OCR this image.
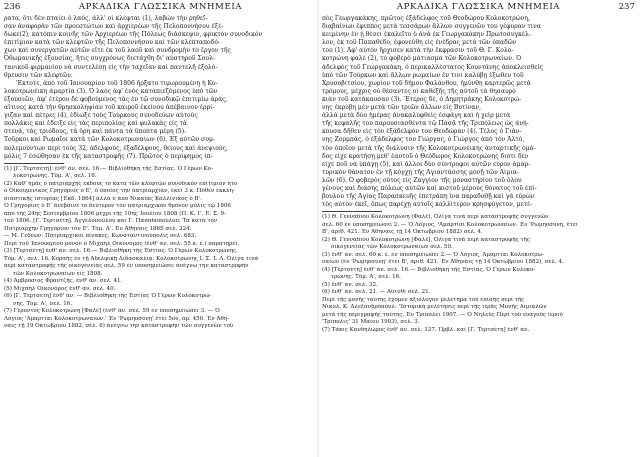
236	ΑΡΚΑΔΙΚΑ ΓΛΩΣΣΙΚΑ ΜΝΗΜΕΙΑ
ρατα, ὅτι δὲν πταίει ὁ λαός, ἀλλ' οἱ κλέφται (1), λαβὼν τὴν ρηθεῖ-
σαν ἀναφορὰν τῶν προεστώτων καὶ ἀρχιερέων τῆς Πελοποννήσου ἐξέ-
δωκε(2), κατόπιν κοινῆς τῶν Ἀρχιερέων τῆς Πόλεως διάσκεψιν, φρικτὸν συνοδικὸν
ἐπιτίμιον κατὰ τῶν κλεφτῶν τῆς Πελοποννήσου καὶ τῶν κλεπταποδό-
χων καὶ συνεργατῶν αὐτῶν εἴτε ἐκ τοῦ λαοῦ καὶ συνδρομὴν τὸ ἔργον τῆς
Ὀθωμανικῆς ἐξουσίας, ἥτις συγχρόνως διετάχθη δι' αὐστηροῦ Σουλ-
τανικοῦ φιρμανίου νὰ συντελέσῃ εἰς τὴν ταχεῖαν καὶ παντελῆ ἐξολό-
θρευσιν τῶν κλεφτῶν.
Ἔκτοτε, ἀπὸ τοῦ Ἰανουαρίου τοῦ 1806 ἤρξατο τιμωρουμένη ἡ Κο-
λοκοτρωνέικη ἁμαρτία (3). Ὁ λαὸς ἀφ' ἑνὸς καταπιεζόμενος ὑπὸ τῶν
ἐξουσιῶν, ἀφ' ἑτέρου δὲ φοβούμενος τὰς ἐν τῷ συνοδικῷ ἐπιτιμίῳ ἀράς,
αἵτινες κατὰ τὴν θρησκοληψίαν τοῦ καιροῦ ἐκείνου ἀπέβαινον ἐρρί-
γιζαν καὶ πέτρες (4), ἐδίωξε τοὺς Τούρκους συνοδεύων αὐτοὺς
πολλάκις καὶ ἔδειξε εἰς τὰς περιπολίας καὶ φυλακὰς εἰς τὰ
στενά, τὰς τριόδους, τὰ ὄρη καὶ πάντα τὰ ὕποπτα μέρη (5).
Τοῦρκοι καὶ Ρωμαῖοι κατὰ τῶν Κολοκοτρωναίων (6). Ἐξ αὐτῶν συμ-
πολεμούντων περὶ τοὺς 32, ἀδελφούς, ἐξαδέλφους, θείους καὶ ἀνεψιούς,
μόλις 7 ἐσώθησαν ἐκ τῆς καταστροφῆς (7). Πρῶτος ὁ περίφημος ἰπ-
(1) [Γ. Τερτσέτη]: ἔνθ' ἀν. σελ. 16.— Βιβλιοθήκη τῆς Ἑστίας. Ὁ Γέρων Κο-
λοκοτρώνης. Τόμ. Α', σελ. 16.
(2) Καθ' ἡμᾶς ὁ πατριάρχης ἐκδοὺς τὸ κατὰ τῶν κλεφτῶν συνοδικὸν ἐπιτίμιον ἦτο
ὁ Οἰκουμενικὸς Γρηγόριος ὁ Ε', ὁ ὁποῖος τὴν πατριαρχίαν, ἐκεῖ 3 κ. Πόθεν ἐκκλη-
σιαστικῆς ἱστορίας [Ἐκδ. 1864] ἀλλὰ ὁ ἀπὸ Νικαίας Καλλίνικος ὁ Β'.
Ὁ Γρηγόριος ὁ Ε' ἀνέβαινε τὸ δεύτερον τὸν πατριαρχικὸν θρόνον μόλις τῷ 1806
ἀπὸ τῆς 24ης Σεπτεμβρίου 1806 μέχρι τῆς 10ης Ἰουλίου 1808 (Π. Κ. Γ. Ἐ. Σ. 9-
τοῦ 1806. [Γ. Τερτσέτη]. Ἀγγελοπούλου καὶ Γ. Παπαδοπούλου: Τὰ κατὰ τὸν
Πατριάρχην Γρηγόριον τὸν Ε'. Τόμ. Α'. Ἐν Ἀθήναις 1865 σελ. 224.
— Μ. Γεδεὼν: Πατριαρχικοὶ πίνακες. Κωνσταντινούπολις σελ. 683.
Περὶ τοῦ Ἰανουαρίου μόνον ὁ Μιχαὴλ Οἰκονόμος (ἔνθ' ἀν. σελ. 55 κ. ἑ.) παρατηρεῖ.
(3) [Τερτσέτη] ἔνθ' ἀν. σελ. 16.— Βιβλιοθήκη τῆς Ἑστίας. Ὁ Γέρων Κολοκοτρώνης.
Τόμ. Α', σελ. 16. Κοραῆς ἐν τῇ Ἀδελφικῇ Διδασκαλίᾳ: Κολοκοτρώνης Ι. Σ. Ἰ. Λ. Ὀλίγα τινὰ
περὶ καταστροφῆς τῆς οἰκογενείας σελ. 59 ἐν ὑποσημειώσει ἀνέγνω τὴν καταστροφὴν
τῶν Κολοκοτρωναίων εἰς 1808.
(4) Ἀμβρόσιος Φραντζῆς, ἔνθ' ἀν. σελ. 41.
(5) Μιχαὴλ Οἰκονόμος ἔνθ' ἀν. σελ. 40.
(6) [Γ. Τερτσέτη] ἔνθ' ἀν. — Βιβλιοθήκη τῆς Ἑστίας Ὁ Γέρων Κολοκοτρώ-
νης. Τόμ. Α', σελ. 16.
(7) Γέροντος Κολοκοτρώνη [Φαλὲ] (ἔνθ' ἀν. σελ. 59 ἐν ὑποσημειώσει 3. — Ὁ
Λόγιος 'Ἀμαρτίαι Κολοκοτρωναίων.' Ἐν 'Ρωμηοσύνῃ' ἔτει 5ον, ἀρ. 450. Ἐν Ἀθή-
ναις τῇ 19 Ὀκτωβρίου 1882, σελ. 6) ἀνέγνω τὴν καταστροφὴν τῶν συγγενῶν τοῦ
ΑΡΚΑΔΙΚΑ ΓΛΩΣΣΙΚΑ ΜΝΗΜΕΙΑ	237
πὸς Γεωργακάκης, πρῶτος ἐξάδελφος τοῦ Θεοδώρου Κολοκοτρώνη,
διαβαίνων ἔφιππος μετὰ τεσσάρων ἄλλων συγγενῶν του γέφυραν τινα
κειμένην ἐν ᾗ θέσει ἐκαλεῖτο ὁ ἀνὰ ἐκ Γεωργακάκην Πρωτοσυγκέλ-
λον, ἐκ τοῦ Παπαθέδο, ἐφονεύθη εἰς ἐνέδρας μετὰ τῶν ὀπαδῶν
του (1). Ἀφ' αὐτὸν ἤρχισεν κατὰ τὴν ἔκφρασιν τοῦ Θ. Γ. Κολο-
κοτρώνη φαλὲ (2), τὸ φοβερὸ μάτιασμα τῶν Κολοκοτρωναίων. Ὁ
ἀδελφὸς τοῦ Γεωργακάκη, ὁ περικαλλέστατος Κουντάνης ἀποκλεισθεὶς
ὑπὸ τῶν Τούρκων καὶ ἄλλων ρωμαίων ἐν τινι καλύβῃ ἐξωθεν τοῦ
Χρυσοβιτσίου, χωρίον τοῦ δήμου Φαλάνθου, ἠμύνθη καρτερῶς μετὰ
τρόμους, μέχρις οὗ θέσαντες οἱ καθεξῆς τῆς αὐτοῦ τὰ θησαυρὸ
κιὰν τοῦ κατάκαυσαν (3). Ἕτερος δὲ, ὁ Δημητράκης Κολοκοτρώ-
νης ἐκρύβη μὲν μετὰ τῶν τριῶν ἄλλων εἰς Βυτίναν,
ἀλλὰ μετὰ δύο ἡμέρας ἀνακαλυφθεὶς ἐσφάγη καὶ ἡ χεὶρ μετὰ
τῆς κεφαλῆς του παρουσιασθέντα τῷ Πασᾷ τῆς Τριπόλεως ὡς ἀνή-
κουσα δῆθεν εἰς τὸν ἐξάδελφόν του Θεοδώραν (4). Τέλος ὁ Γιάν-
νης Ζορμπάς, ὁ ἐξάδελφος του Γιώργας, ὁ Γιώργος ἀπὸ τὸν Ἀλτὸ,
τὸν ὁποῖον μετὰ τῆς διάλυσιν τῆς Κολοκοτρωνέικης ἀνταρτικῆς ὁμά-
δος εἶχε κρατήσῃ μεθ' ἑαυτοῦ ὁ Θεόδωρος Κολοκοτρώνης διότι δὲν
εἶχε ποῦ νὰ ὑπάγῃ (5), καὶ ἄλλοι δύο σύντροφοι αὐτῶν εὗρον ἀμαρ-
τυρικὸν θάνατον ἐν τῇ κόγχῃ τῆς Ἀγιαντάσσης μονῇ τῶν Αἰμια-
λῶν (6). Ὁ φοβερὸς οὗτος εἰς Ζαγγίον τῆς μοναστηρίου τοῦ ὅλου
γένους καὶ διάσης πόλεως αὐτῶν καὶ κιστοῦ μέρους θόνατος τοῦ ἐπί-
βουλου τῆς Ἀγίας Παρασκευῆς ἐπετράπη ἵνα παραδοθῇ καὶ γὰ εὐρὼν
τὸς αὐτὸν ἐκεῖ, ὅπως παρέχῃ αὐτοῖς καλλίτερον κρησφύγετον, μετέ-
(1) Θ. Γεννάδιου Κολοκοτρώνη (Φαλὲ), Ὀλίγα τινὰ περὶ καταστροφῆς συγγενῶν
σελ. 60 ἐν ὑποσημειώσει 2. — Ὁ Λόγιος, 'Ἀμαρτίαι Κολοκοτρωναίων. Ἐν 'Ρωμηοσύνῃ, ἔτει
Β', ἀριθ. 421. Ἐν Ἀθήναις τῇ 14 Ὀκτωβρίου 1882) σελ. 4.
(2) Θ. Γεννάδιου Κολοκοτρώνη [Φαλὲ], Ὀλίγα τινὰ περὶ καταστροφῆς τῆς
οἰκογενείας τῶν Κολοκοτρωναίων σελ. 59.
(3) ἔνθ' ἀν. σελ. 60 κ. ἑ. ἐν ὑποσημειώσει 2.— Ὁ Λόγιος, Ἀμαρτίαι Κολοκοτρω-
ναίων (ἐν 'Ρωμηοσύνῃ' ἔτει Β', ἀριθ. 421. Ἐν Ἀθήναις τῇ 14 Ὀκτωβρίου 1882), σελ. 4.
(4) [Τερτσέτη] ἔνθ' ἀν. σελ. 16.— Βιβλιοθήκη τῆς Ἑστίας. Ὁ Γέρων Κολοκο-
τρώνης. Τόμ. Α', σελ. 16.
(5) ἔνθ' ἀν. σελ. 32.
(6) ἔνθ' ἀν. σελ. 21. — Αὐτόθι σελ. 21.
Περὶ τῆς μονῆς ταύτης ἔχομεν ἀξιόλογον μελέτημα τοῦ ἐπίσης περὶ τῆς
Νικολ. Κ. Ἀλεξανδρόπουλ: 'Ἱστορικὴ μελέτησις περὶ τῆς ἱερᾶς Μονῆς Αἰμιαλῶν
μετὰ τῆς περιγραφῆς ταύτης. Ἐν Τριπόλει 1907. — Ὁ Νηλεῦς Περὶ τοῦ εὐαγοῦς ἱεροῦ
'Τρίπολις' 31 Μαΐου 1903), σελ. 3.
(7) Τάκις Κανδηλώρος ἔνθ' ἀν. σελ. 127. Πρβλ. καὶ [Γ. Τερτσέτη] ἔνθ' ἀν.
